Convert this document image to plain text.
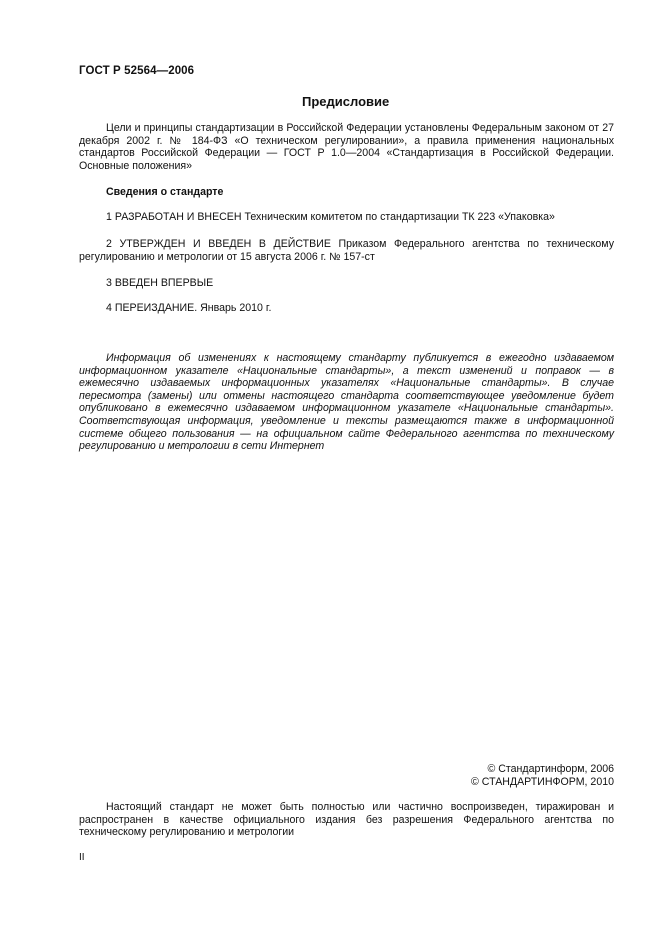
ГОСТ Р 52564—2006
Предисловие

Цели и принципы стандартизации в Российской Федерации установлены Федеральным законом от 27 декабря 2002 г. № 184-ФЗ «О техническом регулировании», а правила применения национальных стандартов Российской Федерации — ГОСТ Р 1.0—2004 «Стандартизация в Российской Федерации. Основные положения»

Сведения о стандарте

1 РАЗРАБОТАН И ВНЕСЕН Техническим комитетом по стандартизации ТК 223 «Упаковка»

2 УТВЕРЖДЕН И ВВЕДЕН В ДЕЙСТВИЕ Приказом Федерального агентства по техническому регулированию и метрологии от 15 августа 2006 г. № 157-ст

3 ВВЕДЕН ВПЕРВЫЕ

4 ПЕРЕИЗДАНИЕ. Январь 2010 г.

Информация об изменениях к настоящему стандарту публикуется в ежегодно издаваемом информационном указателе «Национальные стандарты», а текст изменений и поправок — в ежемесячно издаваемых информационных указателях «Национальные стандарты». В случае пересмотра (замены) или отмены настоящего стандарта соответствующее уведомление будет опубликовано в ежемесячно издаваемом информационном указателе «Национальные стандарты». Соответствующая информация, уведомление и тексты размещаются также в информационной системе общего пользования — на официальном сайте Федерального агентства по техническому регулированию и метрологии в сети Интернет

© Стандартинформ, 2006
© СТАНДАРТИНФОРМ, 2010

Настоящий стандарт не может быть полностью или частично воспроизведен, тиражирован и распространен в качестве официального издания без разрешения Федерального агентства по техническому регулированию и метрологии

II
